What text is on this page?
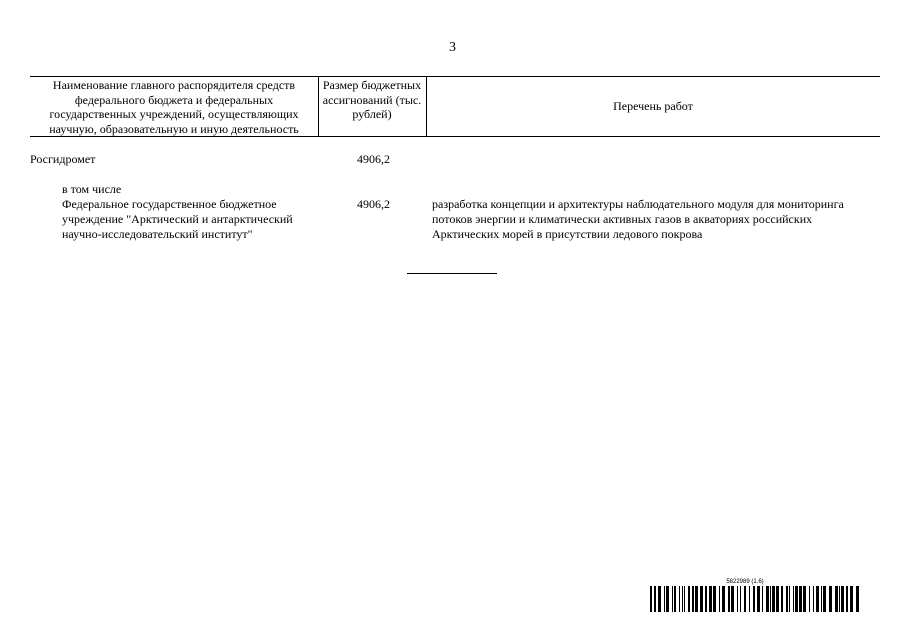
3
Наименование главного распорядителя средств федерального бюджета и федеральных государственных учреждений, осуществляющих научную, образовательную и иную деятельность
Размер бюджетных ассигнований (тыс. рублей)
Перечень работ
Росгидромет	4906,2
в том числе
Федеральное государственное бюджетное учреждение "Арктический и антарктический научно-исследовательский институт"
4906,2	разработка концепции и архитектуры наблюдательного модуля для мониторинга потоков энергии и климатически активных газов в акваториях российских Арктических морей в присутствии ледового покрова
5822989 (1.6)
